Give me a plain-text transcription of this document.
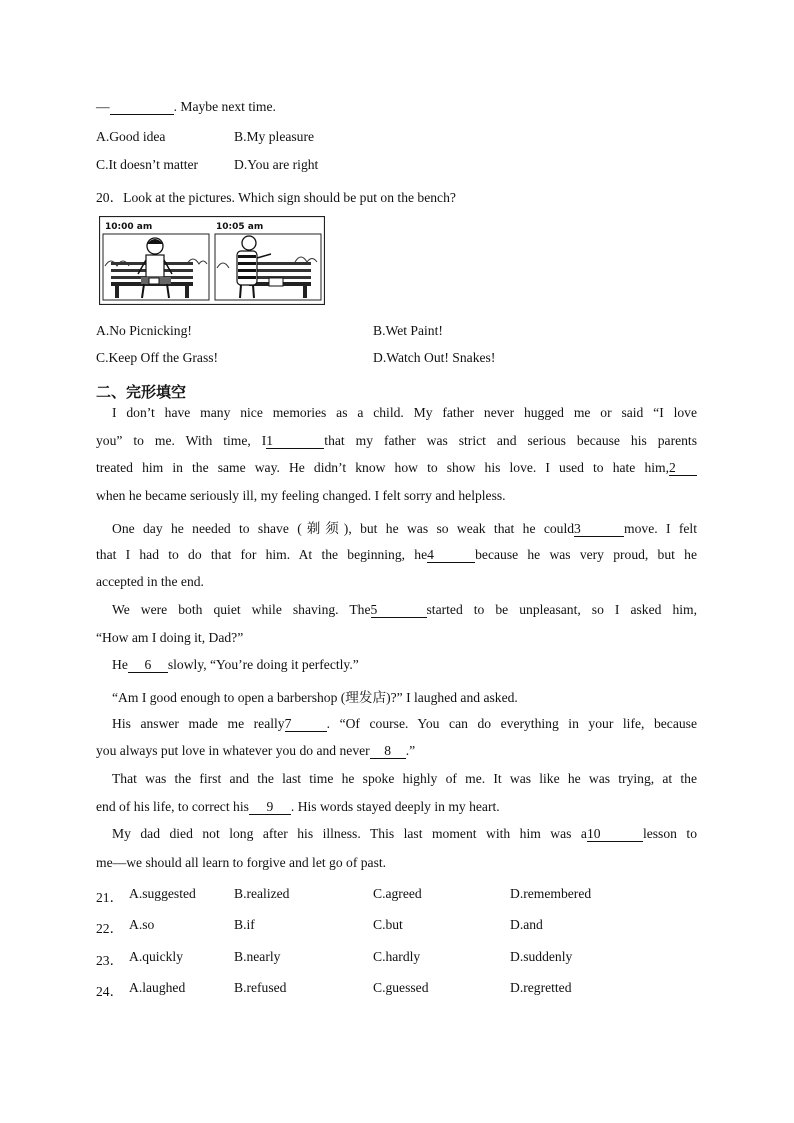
—	. Maybe next time.
A.Good idea	B.My pleasure
C.It doesn’t matter	D.You are right
20．Look at the pictures. Which sign should be put on the bench?
10:00 am	10:05 am
A.No Picnicking!	B.Wet Paint!
C.Keep Off the Grass!	D.Watch Out! Snakes!
二、完形填空
I don’t have many nice memories as a child. My father never hugged me or said “I love
you” to me. With time, I1	that my father was strict and serious because his parents
treated him in the same way. He didn’t know how to show his love. I used to hate him,2
when he became seriously ill, my feeling changed. I felt sorry and helpless.
One day he needed to shave (剃须), but he was so weak that he could3	move. I felt
that I had to do that for him. At the beginning, he4	because he was very proud, but he
accepted in the end.
We were both quiet while shaving. The5	started to be unpleasant, so I asked him,
“How am I doing it, Dad?”
He 6 slowly, “You’re doing it perfectly.”
“Am I good enough to open a barbershop (理发店)?” I laughed and asked.
His answer made me really7	. “Of course. You can do everything in your life, because
you always put love in whatever you do and never 8 .”
That was the first and the last time he spoke highly of me. It was like he was trying, at the
end of his life, to correct his 9 . His words stayed deeply in my heart.
My dad died not long after his illness. This last moment with him was a10	lesson to
me—we should all learn to forgive and let go of past.
21． A.suggested	B.realized	C.agreed	D.remembered
22． A.so	B.if	C.but	D.and
23． A.quickly	B.nearly	C.hardly	D.suddenly
24． A.laughed	B.refused	C.guessed	D.regretted
